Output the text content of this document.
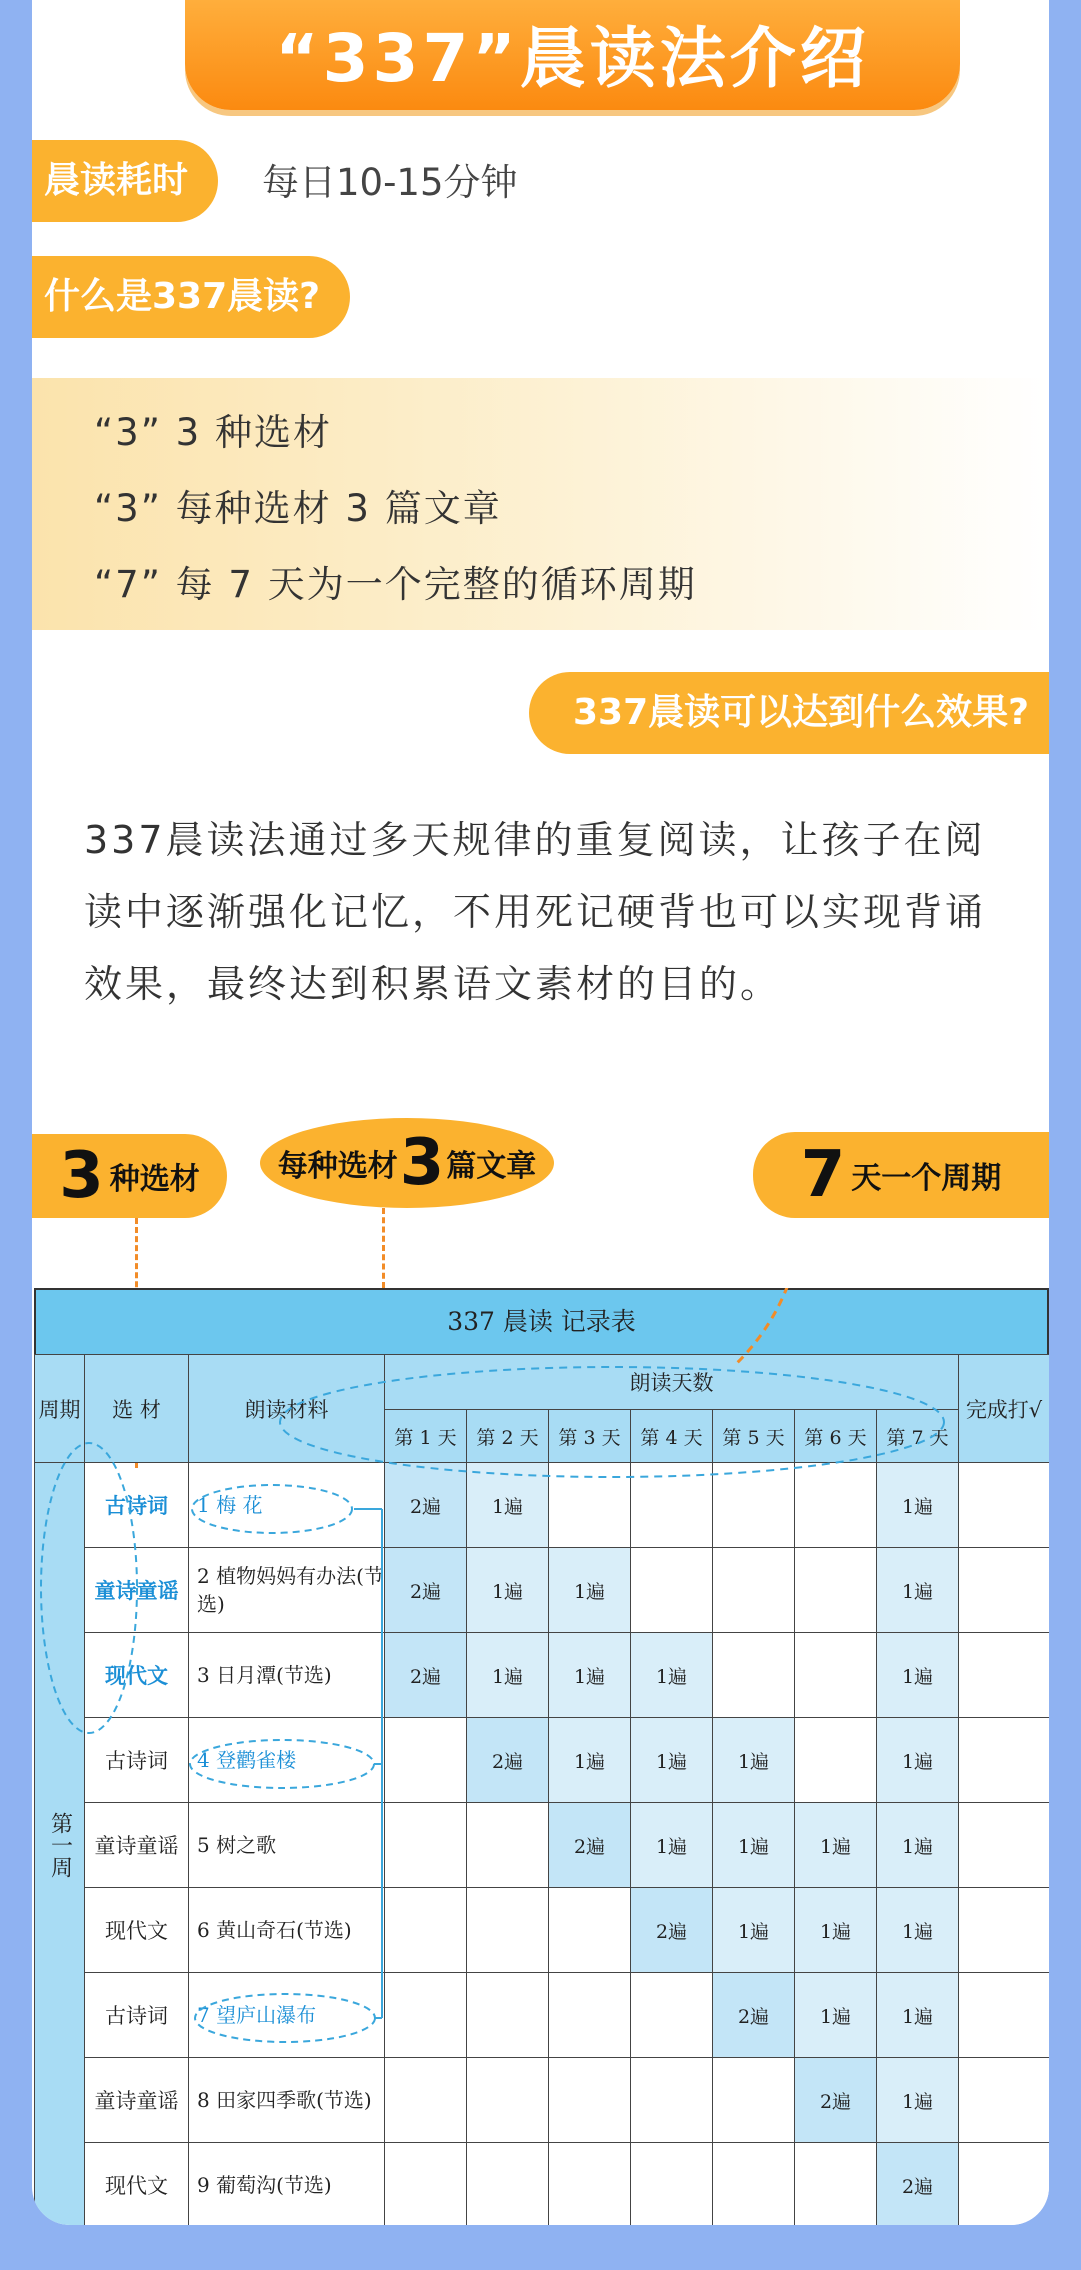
“337”晨读法介绍
晨读耗时	每日10-15分钟
什么是337晨读?
“3” 3 种选材
“3” 每种选材 3 篇文章
“7” 每 7 天为一个完整的循环周期
337晨读可以达到什么效果?
337晨读法通过多天规律的重复阅读，让孩子在阅读中逐渐强化记忆，不用死记硬背也可以实现背诵效果，最终达到积累语文素材的目的。
3 种选材	每种选材 3 篇文章	7 天一个周期
337 晨读 记录表
周期	选 材	朗读材料	朗读天数							完成打√
			第 1 天	第 2 天	第 3 天	第 4 天	第 5 天	第 6 天	第 7 天	
第一周	古诗词	1 梅 花	2遍	1遍					1遍	
	童诗童谣	2 植物妈妈有办法(节选)	2遍	1遍	1遍				1遍	
	现代文	3 日月潭(节选)	2遍	1遍	1遍	1遍			1遍	
	古诗词	4 登鹳雀楼		2遍	1遍	1遍	1遍		1遍	
	童诗童谣	5 树之歌			2遍	1遍	1遍	1遍	1遍	
	现代文	6 黄山奇石(节选)				2遍	1遍	1遍	1遍	
	古诗词	7 望庐山瀑布					2遍	1遍	1遍	
	童诗童谣	8 田家四季歌(节选)						2遍	1遍	
	现代文	9 葡萄沟(节选)							2遍	
